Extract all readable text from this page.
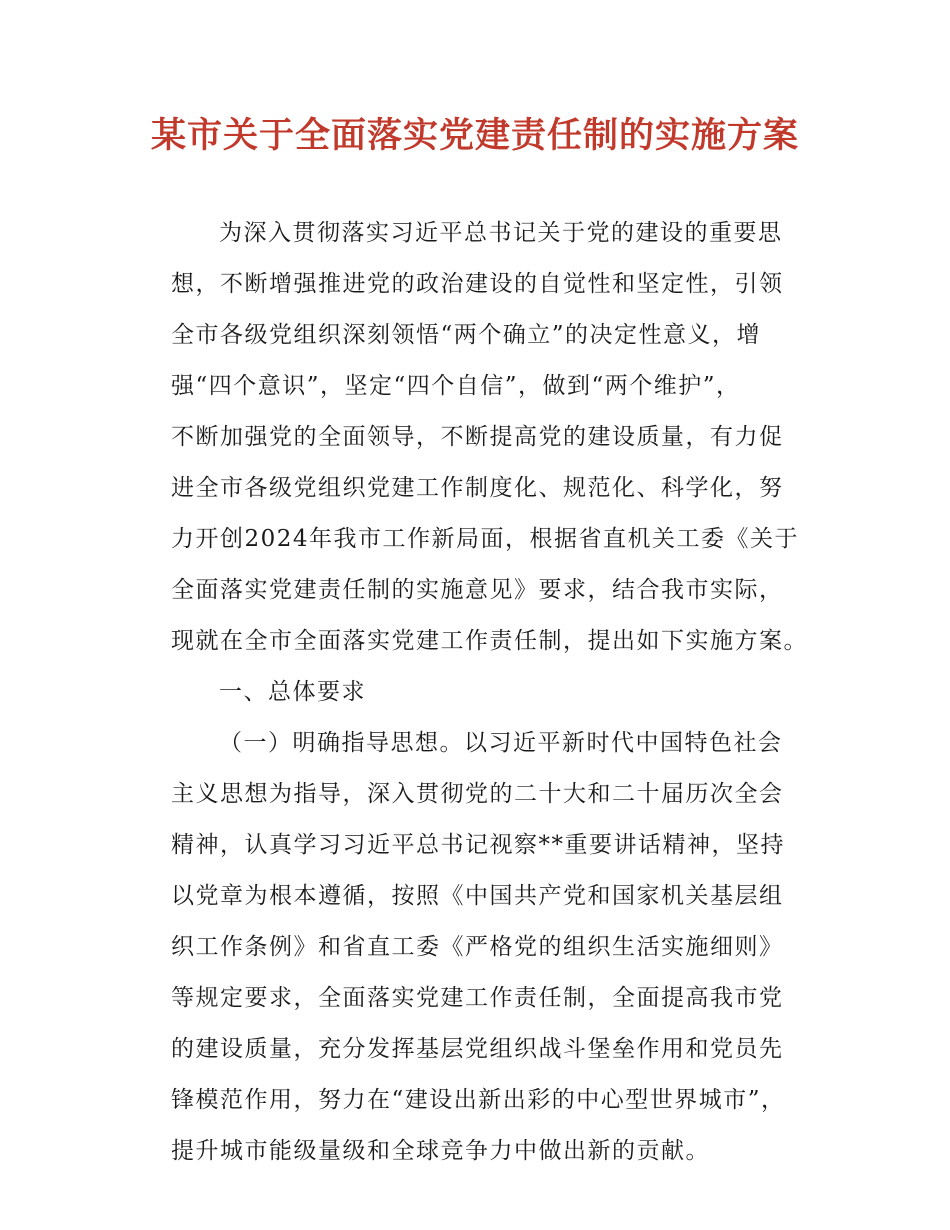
某市关于全面落实党建责任制的实施方案
为深入贯彻落实习近平总书记关于党的建设的重要思
想，不断增强推进党的政治建设的自觉性和坚定性，引领
全市各级党组织深刻领悟“两个确立”的决定性意义，增
强“四个意识”，坚定“四个自信”，做到“两个维护”，
不断加强党的全面领导，不断提高党的建设质量，有力促
进全市各级党组织党建工作制度化、规范化、科学化，努
力开创2024年我市工作新局面，根据省直机关工委《关于
全面落实党建责任制的实施意见》要求，结合我市实际，
现就在全市全面落实党建工作责任制，提出如下实施方案。
一、总体要求
（一）明确指导思想。以习近平新时代中国特色社会
主义思想为指导，深入贯彻党的二十大和二十届历次全会
精神，认真学习习近平总书记视察**重要讲话精神，坚持
以党章为根本遵循，按照《中国共产党和国家机关基层组
织工作条例》和省直工委《严格党的组织生活实施细则》
等规定要求，全面落实党建工作责任制，全面提高我市党
的建设质量，充分发挥基层党组织战斗堡垒作用和党员先
锋模范作用，努力在“建设出新出彩的中心型世界城市”，
提升城市能级量级和全球竞争力中做出新的贡献。
